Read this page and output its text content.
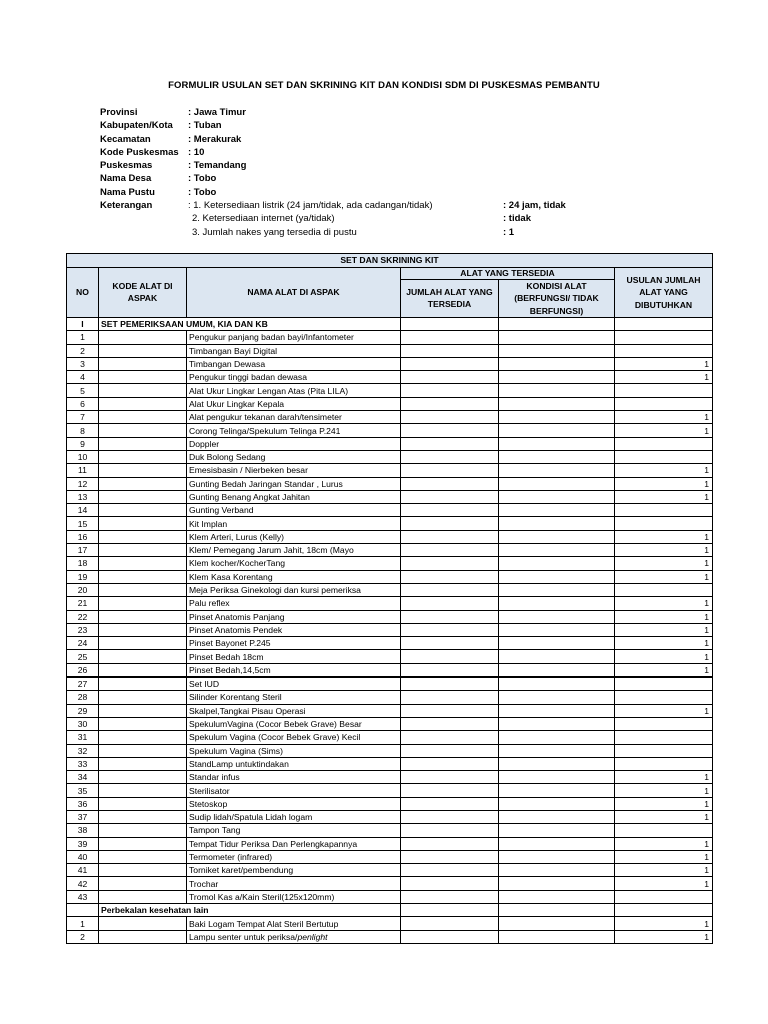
FORMULIR USULAN SET DAN SKRINING KIT DAN KONDISI SDM DI PUSKESMAS PEMBANTU
Provinsi	: Jawa Timur
Kabupaten/Kota : Tuban
Kecamatan	: Merakurak
Kode Puskesmas : 10
Puskesmas	: Temandang
Nama Desa	: Tobo
Nama Pustu	: Tobo
Keterangan	: 1. Ketersediaan listrik (24 jam/tidak, ada cadangan/tidak)	: 24 jam, tidak
2. Ketersediaan internet (ya/tidak)	: tidak
3. Jumlah nakes yang tersedia di pustu	: 1
SET DAN SKRINING KIT					
NO	KODE ALAT DI ASPAK	NAMA ALAT DI ASPAK	ALAT YANG TERSEDIA		USULAN JUMLAH ALAT YANG DIBUTUHKAN
			JUMLAH ALAT YANG TERSEDIA	KONDISI ALAT (BERFUNGSI/ TIDAK BERFUNGSI)	
I	SET PEMERIKSAAN UMUM, KIA DAN KB				
1		Pengukur panjang badan bayi/Infantometer			
2		Timbangan Bayi Digital			
3		Timbangan Dewasa			1
4		Pengukur tinggi badan dewasa			1
5		Alat Ukur Lingkar Lengan Atas (Pita LILA)			
6		Alat Ukur Lingkar Kepala			
7		Alat pengukur tekanan darah/tensimeter			1
8		Corong Telinga/Spekulum Telinga P.241			1
9		Doppler			
10		Duk Bolong Sedang			
11		Emesisbasin / Nierbeken besar			1
12		Gunting Bedah Jaringan Standar , Lurus			1
13		Gunting Benang Angkat Jahitan			1
14		Gunting Verband			
15		Kit Implan			
16		Klem Arteri, Lurus (Kelly)			1
17		Klem/ Pemegang Jarum Jahit, 18cm (Mayo			1
18		Klem kocher/KocherTang			1
19		Klem Kasa Korentang			1
20		Meja Periksa Ginekologi dan kursi pemeriksa			
21		Palu reflex			1
22		Pinset Anatomis Panjang			1
23		Pinset Anatomis Pendek			1
24		Pinset Bayonet P.245			1
25		Pinset Bedah 18cm			1
26		Pinset Bedah,14,5cm			1
27		Set IUD			
28		Silinder Korentang Steril			
29		Skalpel,Tangkai Pisau Operasi			1
30		SpekulumVagina (Cocor Bebek Grave) Besar			
31		Spekulum Vagina (Cocor Bebek Grave) Kecil			
32		Spekulum Vagina (Sims)			
33		StandLamp untuktindakan			
34		Standar infus			1
35		Sterilisator			1
36		Stetoskop			1
37		Sudip lidah/Spatula Lidah logam			1
38		Tampon Tang			
39		Tempat Tidur Periksa Dan Perlengkapannya			1
40		Termometer (infrared)			1
41		Torniket karet/pembendung			1
42		Trochar			1
43		Tromol Kas a/Kain Steril(125x120mm)			
	Perbekalan kesehatan lain				
1		Baki Logam Tempat Alat Steril Bertutup			1
2		Lampu senter untuk periksa/penlight			1
